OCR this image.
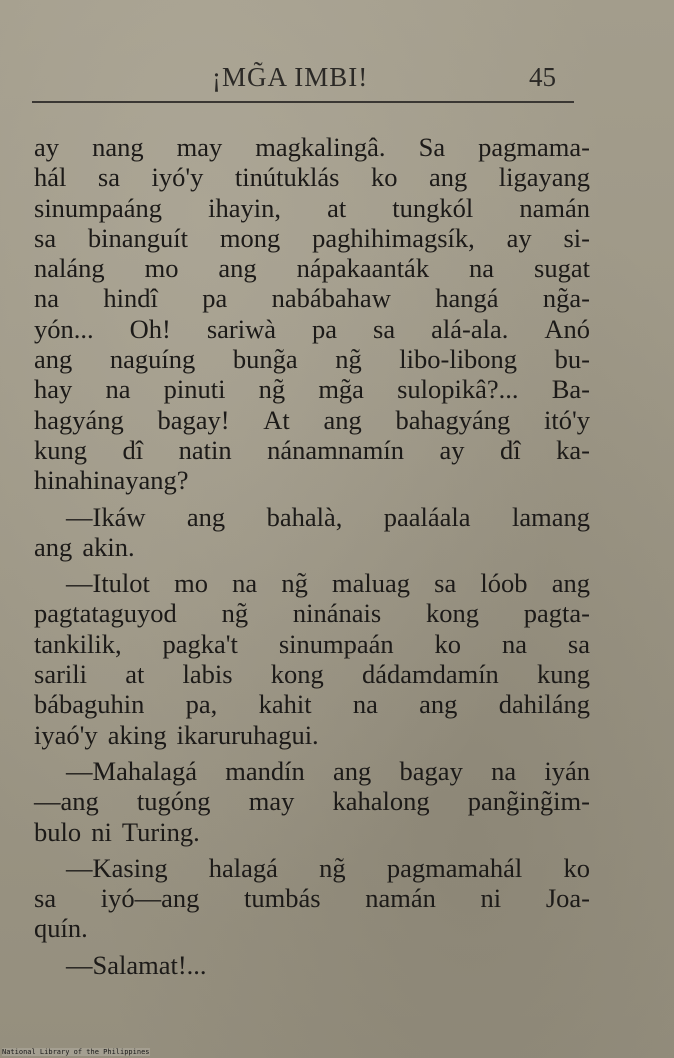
¡MG̃A IMBI!	45
ay nang may magkalingâ. Sa pagmama-
hál sa iyó'y tinútuklás ko ang ligayang
sinumpaáng ihayin, at tungkól namán
sa binanguít mong paghihimagsík, ay si-
naláng mo ang nápakaanták na sugat
na hindî pa nabábahaw hangá ng̃a-
yón... Oh! sariwà pa sa alá-ala. Anó
ang naguíng bung̃a ng̃ libo-libong bu-
hay na pinuti ng̃ mg̃a sulopikâ?... Ba-
hagyáng bagay! At ang bahagyáng itó'y
kung dî natin nánamnamín ay dî ka-
hinahinayang?
—Ikáw ang bahalà, paaláala lamang
ang akin.
—Itulot mo na ng̃ maluag sa lóob ang
pagtataguyod ng̃ ninánais kong pagta-
tankilik, pagka't sinumpaán ko na sa
sarili at labis kong dádamdamín kung
bábaguhin pa, kahit na ang dahiláng
iyaó'y aking ikaruruhagui.
—Mahalagá mandín ang bagay na iyán
—ang tugóng may kahalong pang̃ing̃im-
bulo ni Turing.
—Kasing halagá ng̃ pagmamahál ko
sa iyó—ang tumbás namán ni Joa-
quín.
—Salamat!...
National Library of the Philippines
